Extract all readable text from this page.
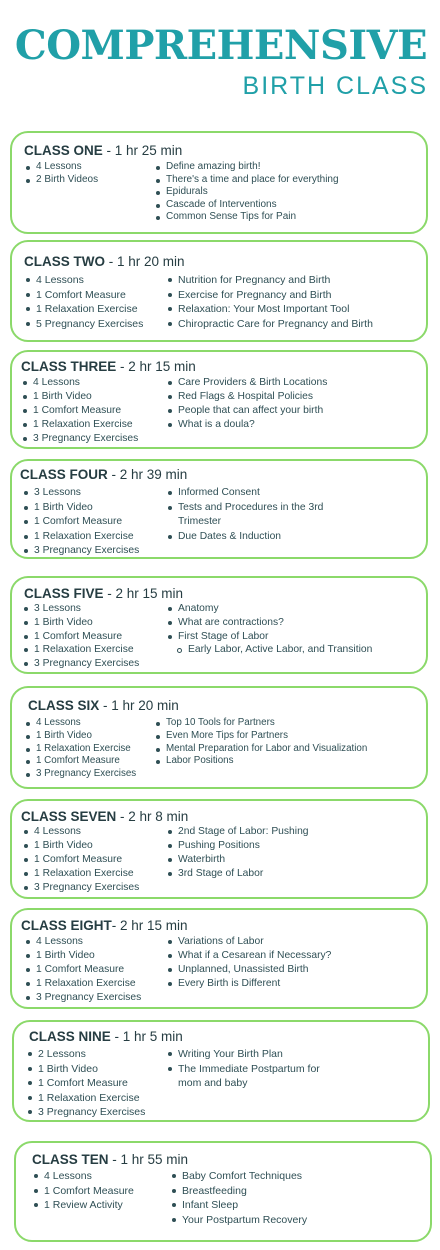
COMPREHENSIVE
BIRTH CLASS
CLASS ONE - 1 hr 25 min
4 Lessons
2 Birth Videos
Define amazing birth!
There's a time and place for everything
Epidurals
Cascade of Interventions
Common Sense Tips for Pain
CLASS TWO - 1 hr 20 min
4 Lessons
1 Comfort Measure
1 Relaxation Exercise
5 Pregnancy Exercises
Nutrition for Pregnancy and Birth
Exercise for Pregnancy and Birth
Relaxation: Your Most Important Tool
Chiropractic Care for Pregnancy and Birth
CLASS THREE - 2 hr 15 min
4 Lessons
1 Birth Video
1 Comfort Measure
1 Relaxation Exercise
3 Pregnancy Exercises
Care Providers & Birth Locations
Red Flags & Hospital Policies
People that can affect your birth
What is a doula?
CLASS FOUR - 2 hr 39 min
3 Lessons
1 Birth Video
1 Comfort Measure
1 Relaxation Exercise
3 Pregnancy Exercises
Informed Consent
Tests and Procedures in the 3rd
Trimester
Due Dates & Induction
CLASS FIVE - 2 hr 15 min
3 Lessons
1 Birth Video
1 Comfort Measure
1 Relaxation Exercise
3 Pregnancy Exercises
Anatomy
What are contractions?
First Stage of Labor
Early Labor, Active Labor, and Transition
CLASS SIX - 1 hr 20 min
4 Lessons
1 Birth Video
1 Relaxation Exercise
1 Comfort Measure
3 Pregnancy Exercises
Top 10 Tools for Partners
Even More Tips for Partners
Mental Preparation for Labor and Visualization
Labor Positions
CLASS SEVEN - 2 hr 8 min
4 Lessons
1 Birth Video
1 Comfort Measure
1 Relaxation Exercise
3 Pregnancy Exercises
2nd Stage of Labor: Pushing
Pushing Positions
Waterbirth
3rd Stage of Labor
CLASS EIGHT- 2 hr 15 min
4 Lessons
1 Birth Video
1 Comfort Measure
1 Relaxation Exercise
3 Pregnancy Exercises
Variations of Labor
What if a Cesarean if Necessary?
Unplanned, Unassisted Birth
Every Birth is Different
CLASS NINE - 1 hr 5 min
2 Lessons
1 Birth Video
1 Comfort Measure
1 Relaxation Exercise
3 Pregnancy Exercises
Writing Your Birth Plan
The Immediate Postpartum for
mom and baby
CLASS TEN - 1 hr 55 min
4 Lessons
1 Comfort Measure
1 Review Activity
Baby Comfort Techniques
Breastfeeding
Infant Sleep
Your Postpartum Recovery
